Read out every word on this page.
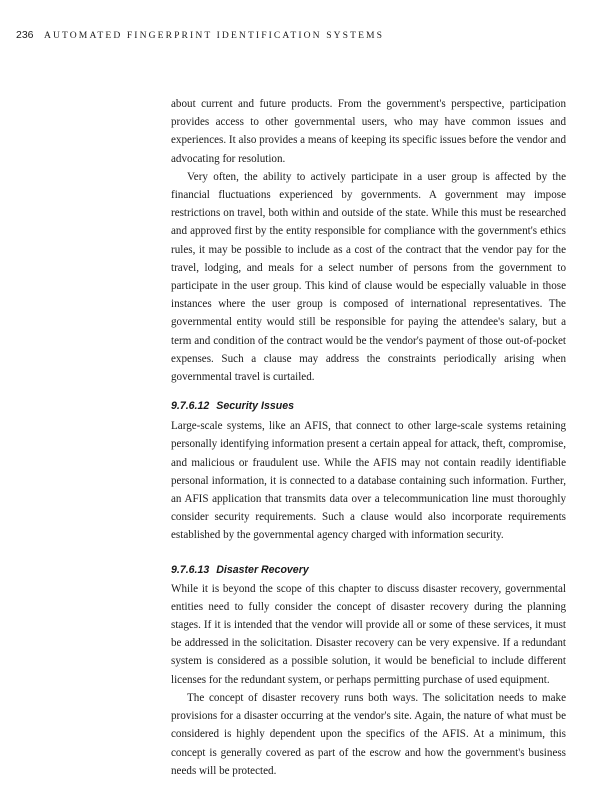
236 AUTOMATED FINGERPRINT IDENTIFICATION SYSTEMS

about current and future products. From the government's perspective, participation provides access to other governmental users, who may have common issues and experiences. It also provides a means of keeping its specific issues before the vendor and advocating for resolution.

Very often, the ability to actively participate in a user group is affected by the financial fluctuations experienced by governments. A government may impose restrictions on travel, both within and outside of the state. While this must be researched and approved first by the entity responsible for compliance with the government's ethics rules, it may be possible to include as a cost of the contract that the vendor pay for the travel, lodging, and meals for a select number of persons from the government to participate in the user group. This kind of clause would be especially valuable in those instances where the user group is composed of international representatives. The governmental entity would still be responsible for paying the attendee's salary, but a term and condition of the contract would be the vendor's payment of those out-of-pocket expenses. Such a clause may address the constraints periodically arising when governmental travel is curtailed.

9.7.6.12 Security Issues

Large-scale systems, like an AFIS, that connect to other large-scale systems retaining personally identifying information present a certain appeal for attack, theft, compromise, and malicious or fraudulent use. While the AFIS may not contain readily identifiable personal information, it is connected to a database containing such information. Further, an AFIS application that transmits data over a telecommunication line must thoroughly consider security requirements. Such a clause would also incorporate requirements established by the governmental agency charged with information security.

9.7.6.13 Disaster Recovery

While it is beyond the scope of this chapter to discuss disaster recovery, governmental entities need to fully consider the concept of disaster recovery during the planning stages. If it is intended that the vendor will provide all or some of these services, it must be addressed in the solicitation. Disaster recovery can be very expensive. If a redundant system is considered as a possible solution, it would be beneficial to include different licenses for the redundant system, or perhaps permitting purchase of used equipment.

The concept of disaster recovery runs both ways. The solicitation needs to make provisions for a disaster occurring at the vendor's site. Again, the nature of what must be considered is highly dependent upon the specifics of the AFIS. At a minimum, this concept is generally covered as part of the escrow and how the government's business needs will be protected.
